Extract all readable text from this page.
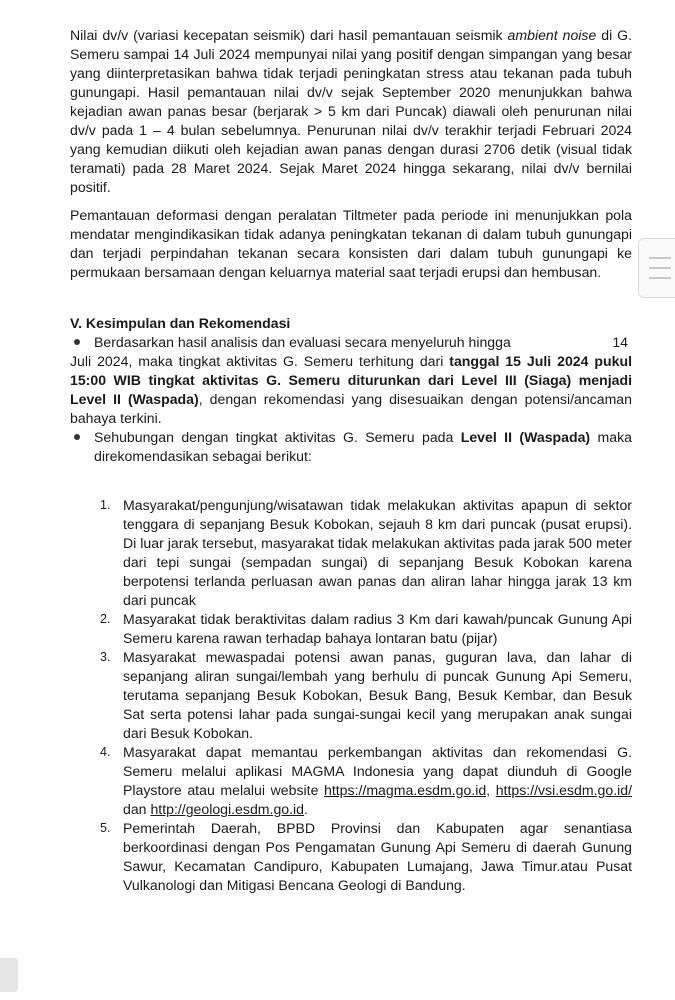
Nilai dv/v (variasi kecepatan seismik) dari hasil pemantauan seismik ambient noise di G. Semeru sampai 14 Juli 2024 mempunyai nilai yang positif dengan simpangan yang besar yang diinterpretasikan bahwa tidak terjadi peningkatan stress atau tekanan pada tubuh gunungapi. Hasil pemantauan nilai dv/v sejak September 2020 menunjukkan bahwa kejadian awan panas besar (berjarak > 5 km dari Puncak) diawali oleh penurunan nilai dv/v pada 1 – 4 bulan sebelumnya. Penurunan nilai dv/v terakhir terjadi Februari 2024 yang kemudian diikuti oleh kejadian awan panas dengan durasi 2706 detik (visual tidak teramati) pada 28 Maret 2024. Sejak Maret 2024 hingga sekarang, nilai dv/v bernilai positif.

Pemantauan deformasi dengan peralatan Tiltmeter pada periode ini menunjukkan pola mendatar mengindikasikan tidak adanya peningkatan tekanan di dalam tubuh gunungapi dan terjadi perpindahan tekanan secara konsisten dari dalam tubuh gunungapi ke permukaan bersamaan dengan keluarnya material saat terjadi erupsi dan hembusan.

V. Kesimpulan dan Rekomendasi
Berdasarkan hasil analisis dan evaluasi secara menyeluruh hingga	14
Juli 2024, maka tingkat aktivitas G. Semeru terhitung dari tanggal 15 Juli 2024 pukul 15:00 WIB tingkat aktivitas G. Semeru diturunkan dari Level III (Siaga) menjadi Level II (Waspada), dengan rekomendasi yang disesuaikan dengan potensi/ancaman bahaya terkini.
Sehubungan dengan tingkat aktivitas G. Semeru pada Level II (Waspada) maka direkomendasikan sebagai berikut:
1. Masyarakat/pengunjung/wisatawan tidak melakukan aktivitas apapun di sektor tenggara di sepanjang Besuk Kobokan, sejauh 8 km dari puncak (pusat erupsi). Di luar jarak tersebut, masyarakat tidak melakukan aktivitas pada jarak 500 meter dari tepi sungai (sempadan sungai) di sepanjang Besuk Kobokan karena berpotensi terlanda perluasan awan panas dan aliran lahar hingga jarak 13 km dari puncak
2. Masyarakat tidak beraktivitas dalam radius 3 Km dari kawah/puncak Gunung Api Semeru karena rawan terhadap bahaya lontaran batu (pijar)
3. Masyarakat mewaspadai potensi awan panas, guguran lava, dan lahar di sepanjang aliran sungai/lembah yang berhulu di puncak Gunung Api Semeru, terutama sepanjang Besuk Kobokan, Besuk Bang, Besuk Kembar, dan Besuk Sat serta potensi lahar pada sungai-sungai kecil yang merupakan anak sungai dari Besuk Kobokan.
4. Masyarakat dapat memantau perkembangan aktivitas dan rekomendasi G. Semeru melalui aplikasi MAGMA Indonesia yang dapat diunduh di Google Playstore atau melalui website https://magma.esdm.go.id, https://vsi.esdm.go.id/ dan http://geologi.esdm.go.id.
5. Pemerintah Daerah, BPBD Provinsi dan Kabupaten agar senantiasa berkoordinasi dengan Pos Pengamatan Gunung Api Semeru di daerah Gunung Sawur, Kecamatan Candipuro, Kabupaten Lumajang, Jawa Timur.atau Pusat Vulkanologi dan Mitigasi Bencana Geologi di Bandung.
